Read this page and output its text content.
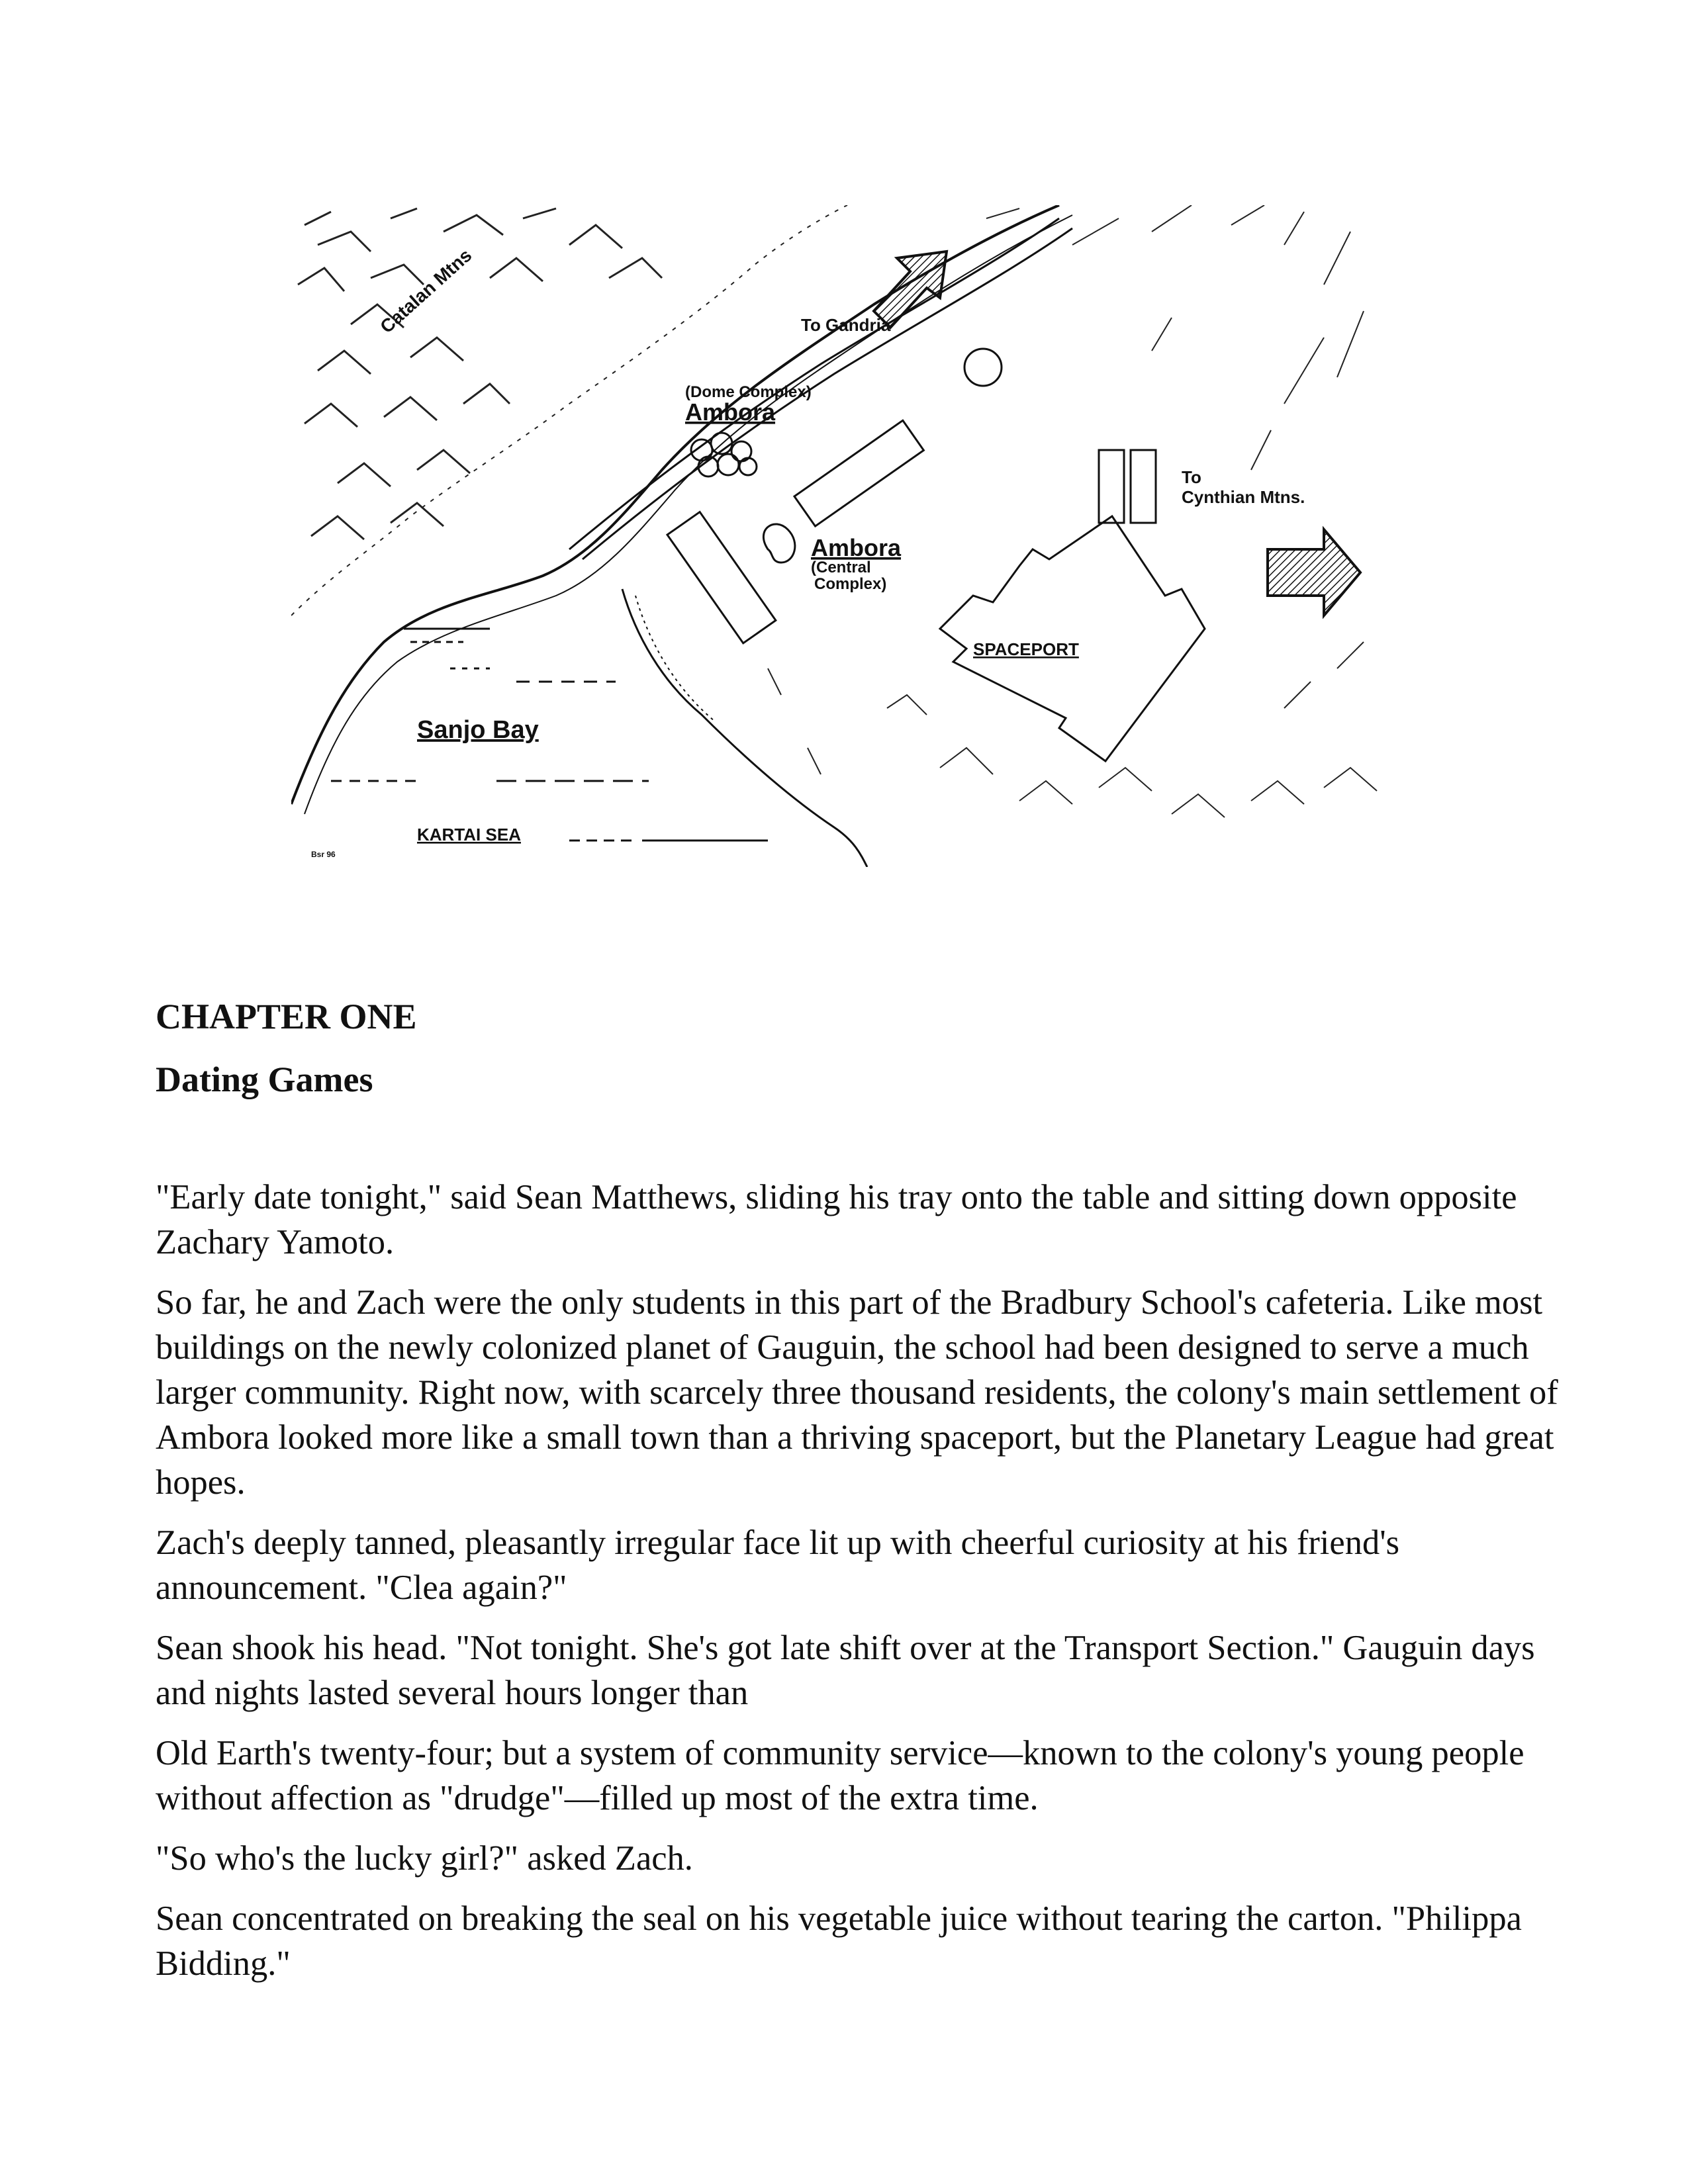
Catalan Mtns	To Gandria
(Dome Complex)
Ambora
To
Cynthian Mtns.
Ambora
(Central
Complex)
SPACEPORT
Sanjo Bay
KARTAI SEA
Bsr 96
CHAPTER ONE
Dating Games

"Early date tonight," said Sean Matthews, sliding his tray onto the table and sitting down opposite Zachary Yamoto.

So far, he and Zach were the only students in this part of the Bradbury School's cafeteria. Like most buildings on the newly colonized planet of Gauguin, the school had been designed to serve a much larger community. Right now, with scarcely three thousand residents, the colony's main settlement of Ambora looked more like a small town than a thriving spaceport, but the Planetary League had great hopes.

Zach's deeply tanned, pleasantly irregular face lit up with cheerful curiosity at his friend's announcement. "Clea again?"

Sean shook his head. "Not tonight. She's got late shift over at the Transport Section." Gauguin days and nights lasted several hours longer than

Old Earth's twenty-four; but a system of community service—known to the colony's young people without affection as "drudge"—filled up most of the extra time.

"So who's the lucky girl?" asked Zach.

Sean concentrated on breaking the seal on his vegetable juice without tearing the carton. "Philippa Bidding."
